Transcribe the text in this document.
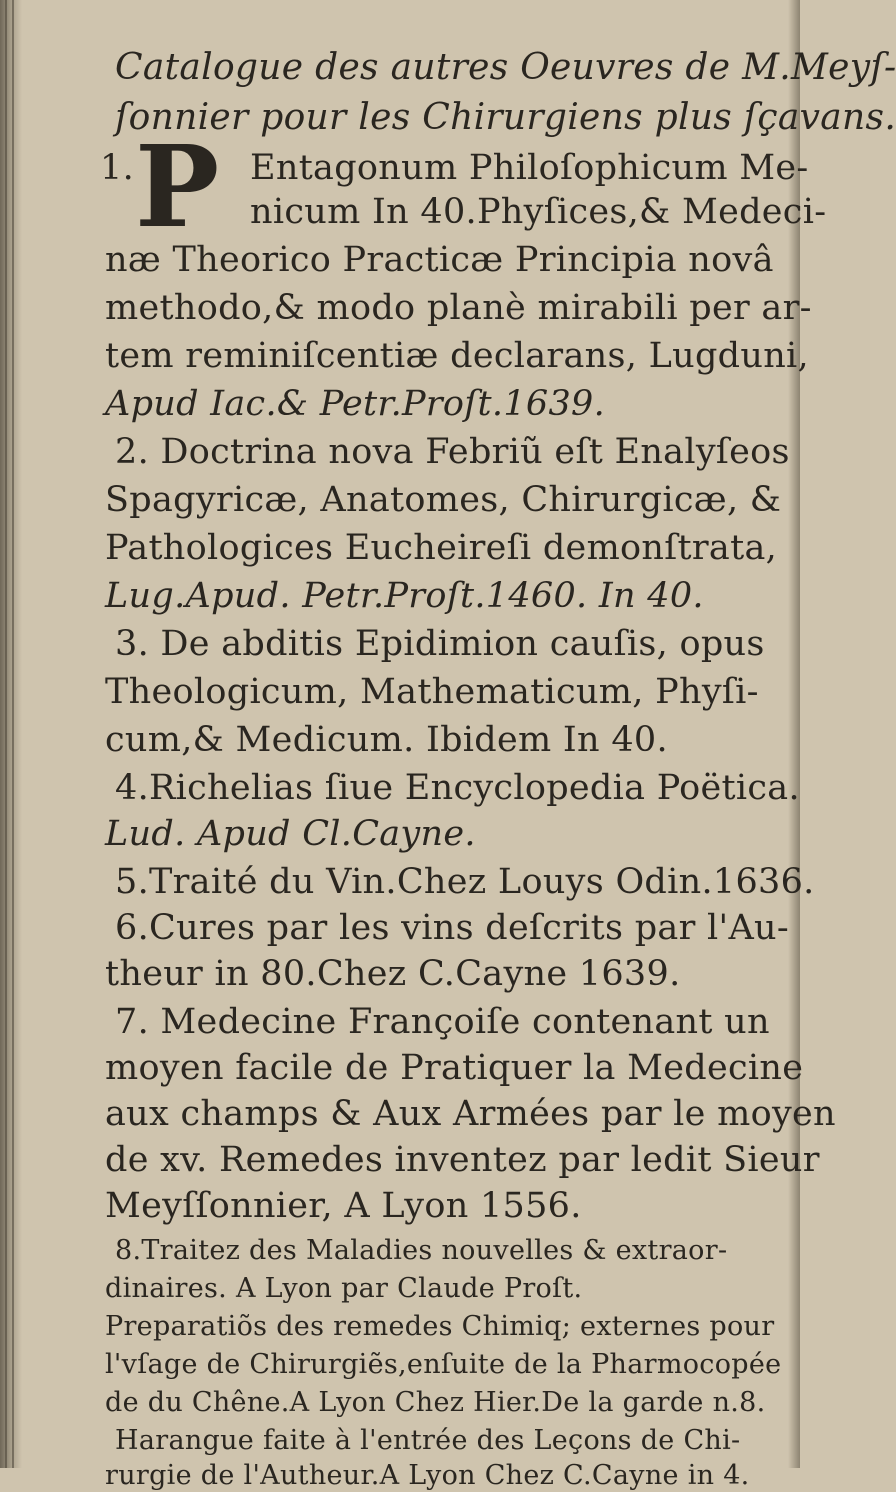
Catalogue des autres Oeuvres de M.Meyſ-
ſonnier pour les Chirurgiens plus ſçavans.
P
1.	Entagonum Philoſophicum Me-
nicum In 40.Phyſices,& Medeci-
næ Theorico Practicæ Principia novâ
methodo,& modo planè mirabili per ar-
tem reminiſcentiæ declarans, Lugduni,
Apud Iac.& Petr.Proſt.1639.
2. Doctrina nova Febriũ eſt Enalyſeos
Spagyricæ, Anatomes, Chirurgicæ, &
Pathologices Eucheireſi demonſtrata,
Lug.Apud. Petr.Proſt.1460. In 40.
3. De abditis Epidimion cauſis, opus
Theologicum, Mathematicum, Phyſi-
cum,& Medicum. Ibidem In 40.
4.Richelias ſiue Encyclopedia Poëtica.
Lud. Apud Cl.Cayne.
5.Traité du Vin.Chez Louys Odin.1636.
6.Cures par les vins deſcrits par l'Au-
theur in 80.Chez C.Cayne 1639.
7. Medecine Françoiſe contenant un
moyen facile de Pratiquer la Medecine
aux champs & Aux Armées par le moyen
de xv. Remedes inventez par ledit Sieur
Meyſſonnier, A Lyon 1556.
8.Traitez des Maladies nouvelles & extraor-
dinaires. A Lyon par Claude Proſt.
Preparatiõs des remedes Chimiq; externes pour
l'vſage de Chirurgiẽs,enſuite de la Pharmocopée
de du Chêne.A Lyon Chez Hier.De la garde n.8.
Harangue faite à l'entrée des Leçons de Chi-
rurgie de l'Autheur.A Lyon Chez C.Cayne in 4.
